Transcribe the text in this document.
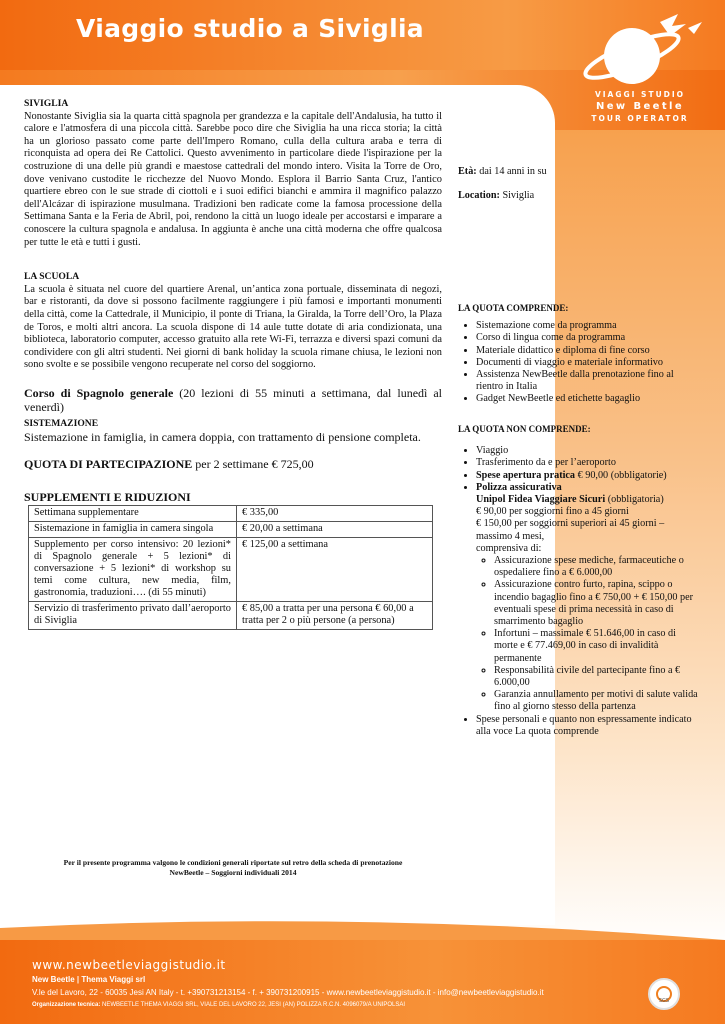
Viaggio studio a Siviglia
VIAGGI STUDIO
New Beetle
TOUR OPERATOR
SIVIGLIA
Nonostante Siviglia sia la quarta città spagnola per grandezza e la capitale dell'Andalusia, ha tutto il calore e l'atmosfera di una piccola città. Sarebbe poco dire che Siviglia ha una ricca storia; la città ha un glorioso passato come parte dell'Impero Romano, culla della cultura araba e terra di riconquista ad opera dei Re Cattolici. Questo avvenimento in particolare diede l'ispirazione per la costruzione di una delle più grandi e maestose cattedrali del mondo intero. Visita la Torre de Oro, dove venivano custodite le ricchezze del Nuovo Mondo. Esplora il Barrio Santa Cruz, l'antico quartiere ebreo con le sue strade di ciottoli e i suoi edifici bianchi e ammira il magnifico palazzo dell'Alcázar di ispirazione musulmana. Tradizioni ben radicate come la famosa processione della Settimana Santa e la Feria de Abril, poi, rendono la città un luogo ideale per accostarsi e imparare a conoscere la cultura spagnola e andalusa. In aggiunta è anche una città moderna che offre qualcosa per tutte le età e tutti i gusti.
LA SCUOLA
La scuola è situata nel cuore del quartiere Arenal, un’antica zona portuale, disseminata di negozi, bar e ristoranti, da dove si possono facilmente raggiungere i più famosi e importanti monumenti della città, come la Cattedrale, il Municipio, il ponte di Triana, la Giralda, la Torre dell’Oro, la Plaza de Toros, e molti altri ancora. La scuola dispone di 14 aule tutte dotate di aria condizionata, una biblioteca, laboratorio computer, accesso gratuito alla rete Wi-Fi, terrazza e diversi spazi comuni da condividere con gli altri studenti. Nei giorni di bank holiday la scuola rimane chiusa, le lezioni non sono svolte e se possibile vengono recuperate nel corso del soggiorno.
Corso di Spagnolo generale (20 lezioni di 55 minuti a settimana, dal lunedì al venerdì)
SISTEMAZIONE
Sistemazione in famiglia, in camera doppia, con trattamento di pensione completa.
QUOTA DI PARTECIPAZIONE per 2 settimane € 725,00
SUPPLEMENTI E RIDUZIONI
Settimana supplementare	€ 335,00
Sistemazione in famiglia in camera singola	€ 20,00 a settimana
Supplemento per corso intensivo: 20 lezioni* di Spagnolo generale + 5 lezioni* di conversazione + 5 lezioni* di workshop su temi come cultura, new media, film, gastronomia, traduzioni…. (di 55 minuti)	€ 125,00 a settimana
Servizio di trasferimento privato dall’aeroporto di Siviglia	€ 85,00 a tratta per una persona € 60,00 a tratta per 2 o più persone (a persona)
Età: dai 14 anni in su
Location: Siviglia
LA QUOTA COMPRENDE:
• Sistemazione come da programma
• Corso di lingua come da programma
• Materiale didattico e diploma di fine corso
• Documenti di viaggio e materiale informativo
• Assistenza NewBeetle dalla prenotazione fino al rientro in Italia
• Gadget NewBeetle ed etichette bagaglio
LA QUOTA NON COMPRENDE:
• Viaggio
• Trasferimento da e per l’aeroporto
• Spese apertura pratica € 90,00 (obbligatorie)
• Polizza assicurativa
Unipol Fidea Viaggiare Sicuri (obbligatoria)
€ 90,00 per soggiorni fino a 45 giorni
€ 150,00 per soggiorni superiori ai 45 giorni – massimo 4 mesi,
comprensiva di:
◦ Assicurazione spese mediche, farmaceutiche o ospedaliere fino a € 6.000,00
◦ Assicurazione contro furto, rapina, scippo o incendio bagaglio fino a € 750,00 + € 150,00 per eventuali spese di prima necessità in caso di smarrimento bagaglio
◦ Infortuni – massimale € 51.646,00 in caso di morte e € 77.469,00 in caso di invalidità permanente
◦ Responsabilità civile del partecipante fino a € 6.000,00
◦ Garanzia annullamento per motivi di salute valida fino al giorno stesso della partenza
• Spese personali e quanto non espressamente indicato alla voce La quota comprende
Per il presente programma valgono le condizioni generali riportate sul retro della scheda di prenotazione
NewBeetle – Soggiorni individuali 2014
www.newbeetleviaggistudio.it
New Beetle | Thema Viaggi srl
V.le del Lavoro, 22 - 60035 Jesi AN Italy - t. +390731213154 - f. + 390731200915 - www.newbeetleviaggistudio.it - info@newbeetleviaggistudio.it
Organizzazione tecnica: NEWBEETLE THEMA VIAGGI SRL, VIALE DEL LAVORO 22, JESI (AN) POLIZZA R.C.N. 4096079/A UNIPOLSAI
SGS
